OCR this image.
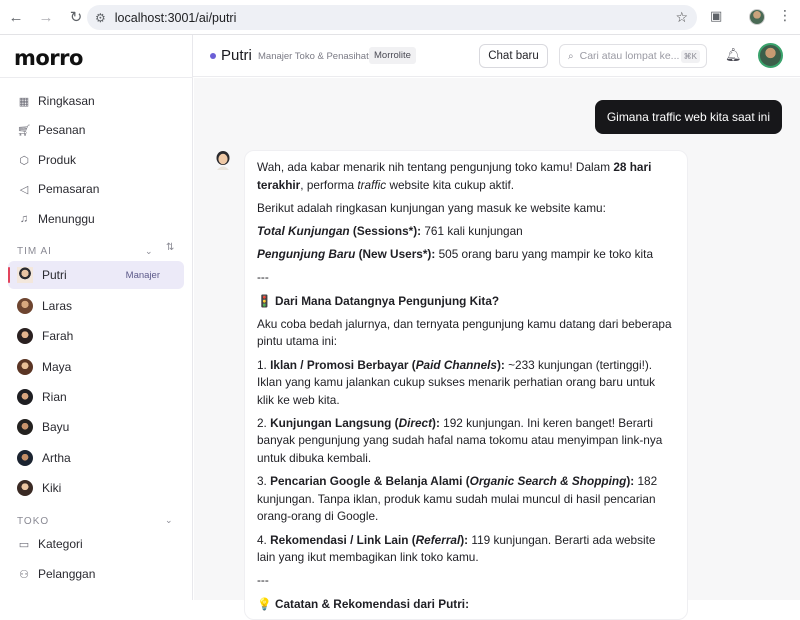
←	→	↻	⚙ localhost:3001/ai/putri	☆ ▣	⋮
morro
▦ Ringkasan
🛒︎ Pesanan
⬡ Produk
◁ Pemasaran
♫ Menunggu
TIM AI	⌄ ⇅
Putri	Manajer
Laras
Farah
Maya
Rian
Bayu
Artha
Kiki
TOKO	⌄
▭ Kategori
⚇ Pelanggan
Putri Manajer Toko & Penasihat Morrolite	Chat baru	⌕ Cari atau lompat ke... ⌘K 🔔︎
Gimana traffic web kita saat ini

Wah, ada kabar menarik nih tentang pengunjung toko kamu! Dalam 28 hari terakhir, performa traffic website kita cukup aktif.

Berikut adalah ringkasan kunjungan yang masuk ke website kamu:

Total Kunjungan (Sessions*): 761 kali kunjungan

Pengunjung Baru (New Users*): 505 orang baru yang mampir ke toko kita

---

🚦 Dari Mana Datangnya Pengunjung Kita?

Aku coba bedah jalurnya, dan ternyata pengunjung kamu datang dari beberapa pintu utama ini:

1. Iklan / Promosi Berbayar (Paid Channels): ~233 kunjungan (tertinggi!). Iklan yang kamu jalankan cukup sukses menarik perhatian orang baru untuk klik ke web kita.

2. Kunjungan Langsung (Direct): 192 kunjungan. Ini keren banget! Berarti banyak pengunjung yang sudah hafal nama tokomu atau menyimpan link-nya untuk dibuka kembali.

3. Pencarian Google & Belanja Alami (Organic Search & Shopping): 182 kunjungan. Tanpa iklan, produk kamu sudah mulai muncul di hasil pencarian orang-orang di Google.

4. Rekomendasi / Link Lain (Referral): 119 kunjungan. Berarti ada website lain yang ikut membagikan link toko kamu.

---

💡 Catatan & Rekomendasi dari Putri:
